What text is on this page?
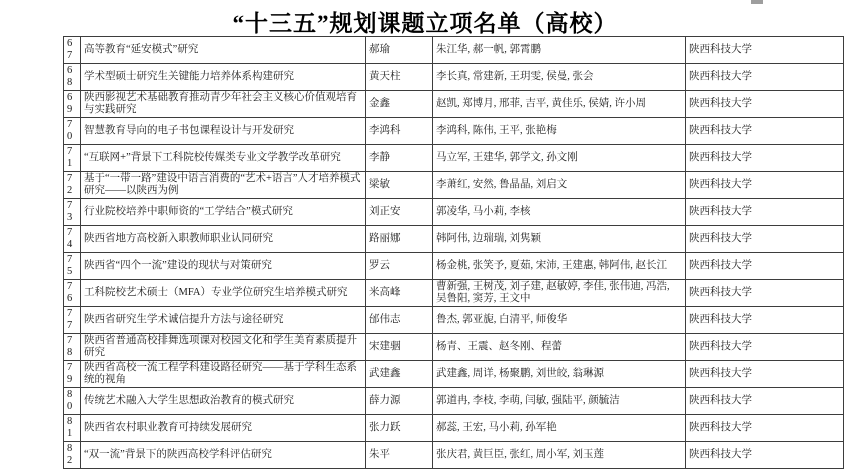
“十三五”规划课题立项名单（高校）
67	高等教育“延安模式”研究	郝瑜	朱江华, 郝一帆, 郭霄鹏	陕西科技大学
68	学术型硕士研究生关键能力培养体系构建研究	黄天柱	李长真, 常建新, 王玥雯, 侯曼, 张会	陕西科技大学
69	陕西影视艺术基础教育推动青少年社会主义核心价值观培育与实践研究	金鑫	赵凯, 郑博月, 邢菲, 吉平, 黄佳乐, 侯婧, 许小周	陕西科技大学
70	智慧教育导向的电子书包课程设计与开发研究	李鸿科	李鸿科, 陈伟, 王平, 张艳梅	陕西科技大学
71	“互联网+”背景下工科院校传媒类专业文学教学改革研究	李静	马立军, 王建华, 郭学文, 孙文刚	陕西科技大学
72	基于“一带一路”建设中语言消费的“艺术+语言”人才培养模式研究——以陕西为例	梁敏	李萧红, 安然, 鲁晶晶, 刘启文	陕西科技大学
73	行业院校培养中职师资的“工学结合”模式研究	刘正安	郭凌华, 马小莉, 李核	陕西科技大学
74	陕西省地方高校新入职教师职业认同研究	路丽娜	韩阿伟, 边瑞瑞, 刘隽颖	陕西科技大学
75	陕西省“四个一流”建设的现状与对策研究	罗云	杨金桃, 张笑予, 夏茹, 宋沛, 王建惠, 韩阿伟, 赵长江	陕西科技大学
76	工科院校艺术硕士（MFA）专业学位研究生培养模式研究	米高峰	曹新强, 王树茂, 刘子建, 赵敏婷, 李佳, 张伟迪, 冯浩, 吴鲁阳, 窦芳, 王文中	陕西科技大学
77	陕西省研究生学术诚信提升方法与途径研究	邰伟志	鲁杰, 郭亚旎, 白清平, 师俊华	陕西科技大学
78	陕西省普通高校排舞选项课对校园文化和学生美育素质提升研究	宋建骃	杨青、王震、赵冬刚、程蕾	陕西科技大学
79	陕西省高校一流工程学科建设路径研究——基于学科生态系统的视角	武建鑫	武建鑫, 周详, 杨聚鹏, 刘世皎, 翁琳源	陕西科技大学
80	传统艺术融入大学生思想政治教育的模式研究	薛力源	郭道冉, 李枝, 李萌, 闫敏, 强陆平, 颜毓洁	陕西科技大学
81	陕西省农村职业教育可持续发展研究	张力跃	郝蕊, 王宏, 马小莉, 孙军艳	陕西科技大学
82	“双一流”背景下的陕西高校学科评估研究	朱平	张庆君, 黄巨臣, 张红, 周小军, 刘玉莲	陕西科技大学
